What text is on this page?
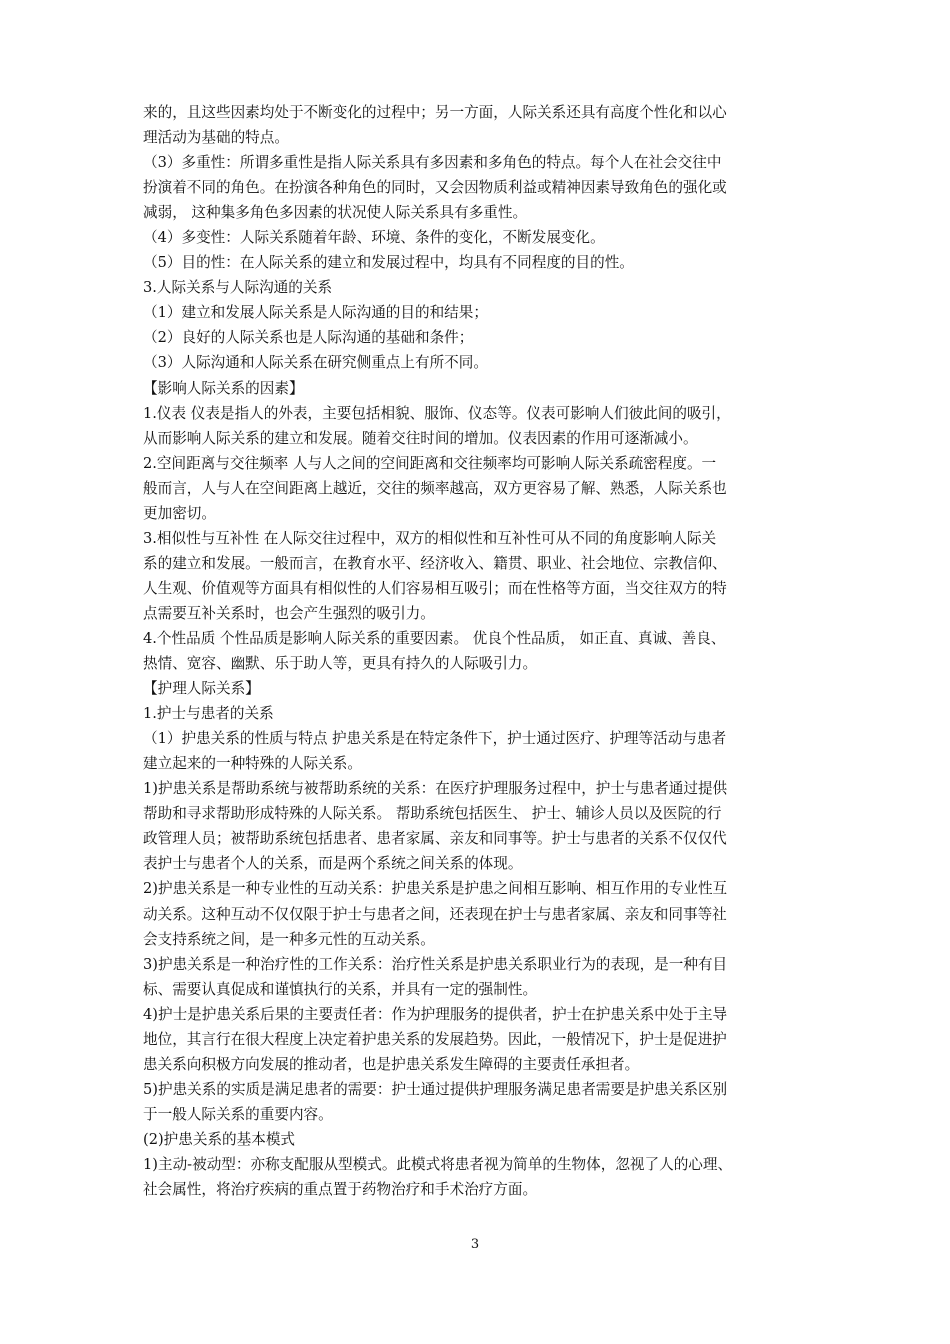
来的，且这些因素均处于不断变化的过程中；另一方面，人际关系还具有高度个性化和以心
理活动为基础的特点。
（3）多重性：所谓多重性是指人际关系具有多因素和多角色的特点。每个人在社会交往中
扮演着不同的角色。在扮演各种角色的同时，又会因物质利益或精神因素导致角色的强化或
减弱， 这种集多角色多因素的状况使人际关系具有多重性。
（4）多变性：人际关系随着年龄、环境、条件的变化，不断发展变化。
（5）目的性：在人际关系的建立和发展过程中，均具有不同程度的目的性。
3.人际关系与人际沟通的关系
（1）建立和发展人际关系是人际沟通的目的和结果；
（2）良好的人际关系也是人际沟通的基础和条件；
（3）人际沟通和人际关系在研究侧重点上有所不同。
【影响人际关系的因素】
1.仪表 仪表是指人的外表，主要包括相貌、服饰、仪态等。仪表可影响人们彼此间的吸引，
从而影响人际关系的建立和发展。随着交往时间的增加。仪表因素的作用可逐渐减小。
2.空间距离与交往频率 人与人之间的空间距离和交往频率均可影响人际关系疏密程度。一
般而言，人与人在空间距离上越近，交往的频率越高，双方更容易了解、熟悉，人际关系也
更加密切。
3.相似性与互补性 在人际交往过程中，双方的相似性和互补性可从不同的角度影响人际关
系的建立和发展。一般而言，在教育水平、经济收入、籍贯、职业、社会地位、宗教信仰、
人生观、价值观等方面具有相似性的人们容易相互吸引；而在性格等方面，当交往双方的特
点需要互补关系时，也会产生强烈的吸引力。
4.个性品质 个性品质是影响人际关系的重要因素。 优良个性品质， 如正直、真诚、善良、
热情、宽容、幽默、乐于助人等，更具有持久的人际吸引力。
【护理人际关系】
1.护士与患者的关系
（1）护患关系的性质与特点 护患关系是在特定条件下，护士通过医疗、护理等活动与患者
建立起来的一种特殊的人际关系。
1)护患关系是帮助系统与被帮助系统的关系：在医疗护理服务过程中，护士与患者通过提供
帮助和寻求帮助形成特殊的人际关系。 帮助系统包括医生、 护士、辅诊人员以及医院的行
政管理人员；被帮助系统包括患者、患者家属、亲友和同事等。护士与患者的关系不仅仅代
表护士与患者个人的关系，而是两个系统之间关系的体现。
2)护患关系是一种专业性的互动关系：护患关系是护患之间相互影响、相互作用的专业性互
动关系。这种互动不仅仅限于护士与患者之间，还表现在护士与患者家属、亲友和同事等社
会支持系统之间，是一种多元性的互动关系。
3)护患关系是一种治疗性的工作关系：治疗性关系是护患关系职业行为的表现，是一种有目
标、需要认真促成和谨慎执行的关系，并具有一定的强制性。
4)护士是护患关系后果的主要责任者：作为护理服务的提供者，护士在护患关系中处于主导
地位，其言行在很大程度上决定着护患关系的发展趋势。因此，一般情况下，护士是促进护
患关系向积极方向发展的推动者，也是护患关系发生障碍的主要责任承担者。
5)护患关系的实质是满足患者的需要：护士通过提供护理服务满足患者需要是护患关系区别
于一般人际关系的重要内容。
(2)护患关系的基本模式
1)主动-被动型：亦称支配服从型模式。此模式将患者视为简单的生物体，忽视了人的心理、
社会属性，将治疗疾病的重点置于药物治疗和手术治疗方面。
3
